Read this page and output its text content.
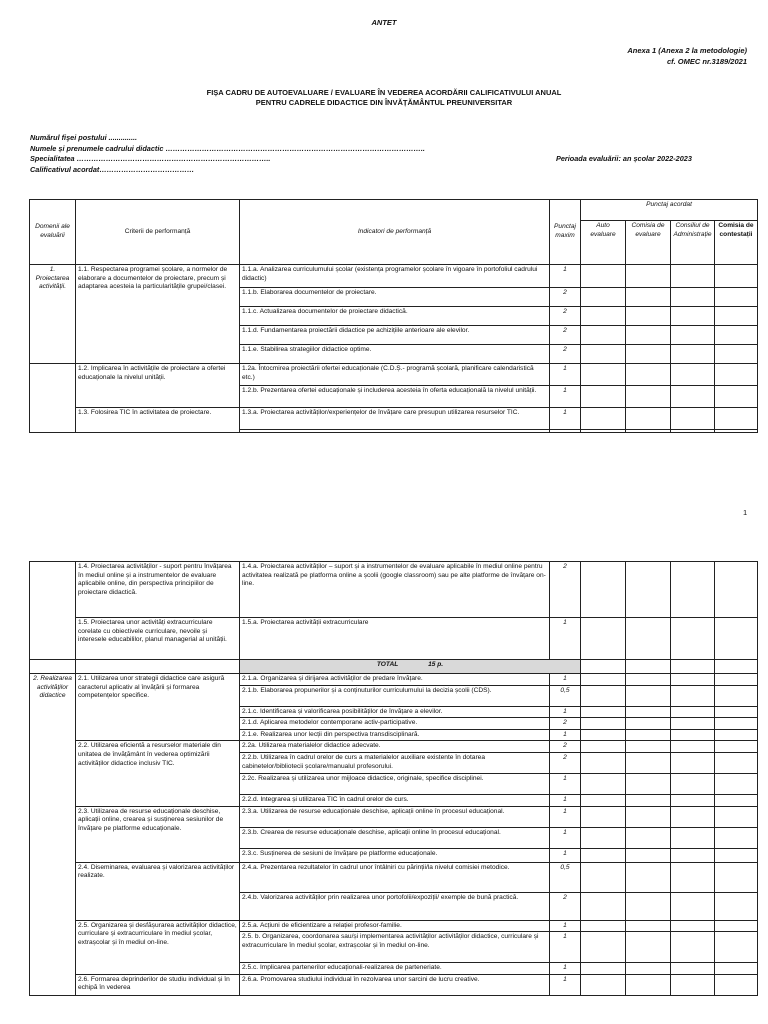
ANTET
Anexa 1 (Anexa 2 la metodologie)
cf. OMEC nr.3189/2021
FIȘA CADRU DE AUTOEVALUARE / EVALUARE ÎN VEDEREA ACORDĂRII CALIFICATIVULUI ANUAL
PENTRU CADRELE DIDACTICE DIN ÎNVĂȚĂMÂNTUL PREUNIVERSITAR
Numărul fişei postului ..............
Numele și prenumele cadrului didactic ……………………………………………………………………………………………..
Specialitatea ……………………………………………………………………..
Calificativul acordat…………………………………
Perioada evaluării: an școlar 2022-2023
Domenii ale evaluării	Criterii de performanță	Indicatori de performanță	Punctaj maxim	Punctaj acordat			
				Auto evaluare	Comisia de evaluare	Consiliul de Administrație	Comisia de contestații
1. Proiectarea activității.	1.1. Respectarea programei școlare, a normelor de elaborare a documentelor de proiectare, precum și adaptarea acesteia la particularitățile grupei/clasei.	1.1.a. Analizarea curriculumului școlar (existența programelor școlare în vigoare în portofoliul cadrului didactic)	1				
		1.1.b. Elaborarea documentelor de proiectare.	2				
		1.1.c. Actualizarea documentelor de proiectare didactică.	2				
		1.1.d. Fundamentarea proiectării didactice pe achizițiile anterioare ale elevilor.	2				
		1.1.e. Stabilirea strategiilor didactice optime.	2				
	1.2. Implicarea în activitățile de proiectare a ofertei educaționale la nivelul unității.	1.2a. Întocmirea proiectării ofertei educaționale (C.D.Ș.- programă școlară, planificare calendaristică etc.)	1				
		1.2.b. Prezentarea ofertei educaționale și includerea acesteia în oferta educațională la nivelul unității.	1				
	1.3. Folosirea TIC în activitatea de proiectare.	1.3.a. Proiectarea activităților/experiențelor de învățare care presupun utilizarea resurselor TIC.	1				

1
	1.4. Proiectarea activităților - suport pentru învățarea în mediul online și a instrumentelor de evaluare aplicabile online, din perspectiva principiilor de proiectare didactică.	1.4.a. Proiectarea activităților – suport și a instrumentelor de evaluare aplicabile în mediul online pentru activitatea realizată pe platforma online a școlii (google classroom) sau pe alte platforme de învățare on-line.	2				
	1.5. Proiectarea unor activități extracurriculare corelate cu obiectivele curriculare, nevoile și interesele educabililor, planul managerial al unității.	1.5.a. Proiectarea activității extracurriculare	1				
		TOTAL 15 p.					
2. Realizarea activităților didactice	2.1. Utilizarea unor strategii didactice care asigură caracterul aplicativ al învățării și formarea competențelor specifice.	2.1.a. Organizarea și dirijarea activităților de predare învățare.	1				
		2.1.b. Elaborarea propunerilor și a conținuturilor curriculumului la decizia școlii (CDS).	0,5				
		2.1.c. Identificarea și valorificarea posibilităților de învățare a elevilor.	1				
		2.1.d. Aplicarea metodelor contemporane activ-participative.	2				
		2.1.e. Realizarea unor lecții din perspectiva transdisciplinară.	1				
	2.2. Utilizarea eficientă a resurselor materiale din unitatea de învățământ în vederea optimizării activităților didactice inclusiv TIC.	2.2a. Utilizarea materialelor didactice adecvate.	2				
		2.2.b. Utilizarea în cadrul orelor de curs a materialelor auxiliare existente în dotarea cabinetelor/bibliotecii școlare/manualul profesorului.	2				
		2.2c. Realizarea și utilizarea unor mijloace didactice, originale, specifice disciplinei.	1				
		2.2.d. Integrarea și utilizarea TIC în cadrul orelor de curs.	1				
	2.3. Utilizarea de resurse educaționale deschise, aplicații online, crearea și susținerea sesiunilor de învățare pe platforme educaționale.	2.3.a. Utilizarea de resurse educaționale deschise, aplicații online în procesul educațional.	1				
		2.3.b. Crearea de resurse educaționale deschise, aplicații online în procesul educațional.	1				
		2.3.c. Susținerea de sesiuni de învățare pe platforme educaționale.	1				
	2.4. Diseminarea, evaluarea și valorizarea activităților realizate.	2.4.a. Prezentarea rezultatelor în cadrul unor întâlniri cu părinții/la nivelul comisiei metodice.	0,5				
		2.4.b. Valorizarea activităților prin realizarea unor portofolii/expoziții/ exemple de bună practică.	2				
	2.5. Organizarea și desfășurarea activităților didactice, curriculare și extracurriculare în mediul școlar, extrașcolar și în mediul on-line.	2.5.a. Acțiuni de eficientizare a relației profesor-familie.	1				
		2.5. b. Organizarea, coordonarea sau/și implementarea activităților activităților didactice, curriculare și extracurriculare în mediul școlar, extrașcolar și în mediul on-line.	1				
		2.5.c. Implicarea partenerilor educaționali-realizarea de parteneriate.	1				
	2.6. Formarea deprinderilor de studiu individual și în echipă în vederea	2.6.a. Promovarea studiului individual în rezolvarea unor sarcini de lucru creative.	1				
